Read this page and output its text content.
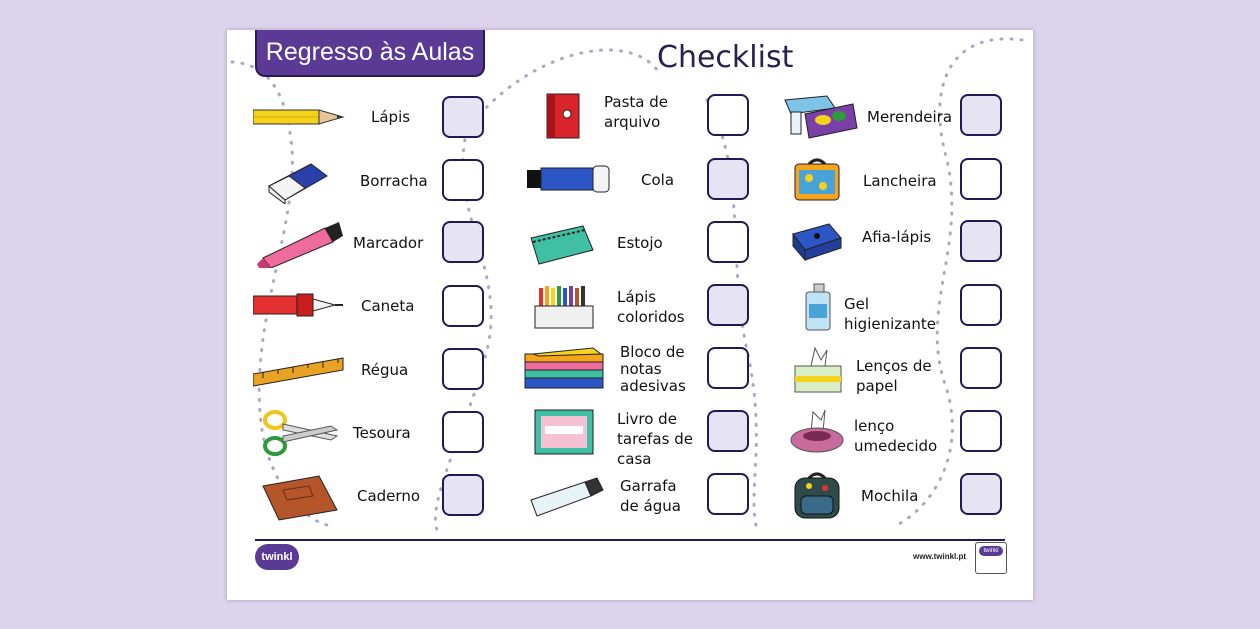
Regresso às Aulas	Checklist
Lápis
Borracha
Marcador
Caneta
Régua
Tesoura
Caderno
Pasta de arquivo
Cola
Estojo
Lápis coloridos
Bloco de notas adesivas
Livro de tarefas de casa
Garrafa de água
Merendeira
Lancheira
Afia-lápis
Gel higienizante
Lenços de papel
lenço umedecido
Mochila
twinkl	www.twinkl.pt
twinkl
